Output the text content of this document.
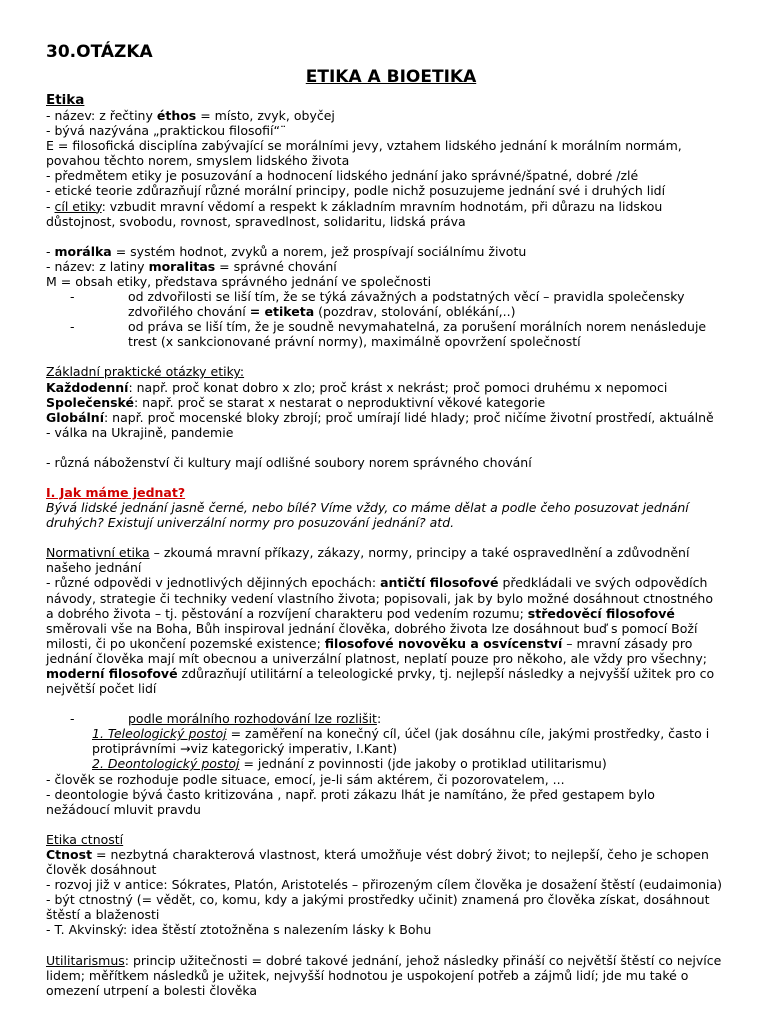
30.OTÁZKA

ETIKA A BIOETIKA

Etika

- název: z řečtiny éthos = místo, zvyk, obyčej

- bývá nazývána „praktickou filosofií“¨

E = filosofická disciplína zabývající se morálními jevy, vztahem lidského jednání k morálním normám, povahou těchto norem, smyslem lidského života

- předmětem etiky je posuzování a hodnocení lidského jednání jako správné/špatné, dobré /zlé

- etické teorie zdůrazňují různé morální principy, podle nichž posuzujeme jednání své i druhých lidí

- cíl etiky: vzbudit mravní vědomí a respekt k základním mravním hodnotám, při důrazu na lidskou důstojnost, svobodu, rovnost, spravedlnost, solidaritu, lidská práva

- morálka = systém hodnot, zvyků a norem, jež prospívají sociálnímu životu

- název: z latiny moralitas = správné chování

M = obsah etiky, představa správného jednání ve společnosti

-	od zdvořilosti se liší tím, že se týká závažných a podstatných věcí – pravidla společensky zdvořilého chování = etiketa (pozdrav, stolování, oblékání,..)
-	od práva se liší tím, že je soudně nevymahatelná, za porušení morálních norem nenásleduje trest (x sankcionované právní normy), maximálně opovržení společností

Základní praktické otázky etiky:

Každodenní: např. proč konat dobro x zlo; proč krást x nekrást; proč pomoci druhému x nepomoci

Společenské: např. proč se starat x nestarat o neproduktivní věkové kategorie

Globální: např. proč mocenské bloky zbrojí; proč umírají lidé hlady; proč ničíme životní prostředí, aktuálně - válka na Ukrajině, pandemie

- různá náboženství či kultury mají odlišné soubory norem správného chování

I. Jak máme jednat?

Bývá lidské jednání jasně černé, nebo bílé? Víme vždy, co máme dělat a podle čeho posuzovat jednání druhých? Existují univerzální normy pro posuzování jednání? atd.

Normativní etika – zkoumá mravní příkazy, zákazy, normy, principy a také ospravedlnění a zdůvodnění našeho jednání

- různé odpovědi v jednotlivých dějinných epochách: antičtí filosofové předkládali ve svých odpovědích návody, strategie či techniky vedení vlastního života; popisovali, jak by bylo možné dosáhnout ctnostného a dobrého života – tj. pěstování a rozvíjení charakteru pod vedením rozumu; středověcí filosofové směrovali vše na Boha, Bůh inspiroval jednání člověka, dobrého života lze dosáhnout buď s pomocí Boží milosti, či po ukončení pozemské existence; filosofové novověku a osvícenství – mravní zásady pro jednání člověka mají mít obecnou a univerzální platnost, neplatí pouze pro někoho, ale vždy pro všechny; moderní filosofové zdůrazňují utilitární a teleologické prvky, tj. nejlepší následky a nejvyšší užitek pro co největší počet lidí

-	podle morálního rozhodování lze rozlišit:

1. Teleologický postoj = zaměření na konečný cíl, účel (jak dosáhnu cíle, jakými prostředky, často i protiprávními →viz kategorický imperativ, I.Kant)

2. Deontologický postoj = jednání z povinnosti (jde jakoby o protiklad utilitarismu)

- člověk se rozhoduje podle situace, emocí, je-li sám aktérem, či pozorovatelem, ...

- deontologie bývá často kritizována , např. proti zákazu lhát je namítáno, že před gestapem bylo nežádoucí mluvit pravdu

Etika ctností

Ctnost = nezbytná charakterová vlastnost, která umožňuje vést dobrý život; to nejlepší, čeho je schopen člověk dosáhnout

- rozvoj již v antice: Sókrates, Platón, Aristotelés – přirozeným cílem člověka je dosažení štěstí (eudaimonia)

- být ctnostný (= vědět, co, komu, kdy a jakými prostředky učinit) znamená pro člověka získat, dosáhnout štěstí a blaženosti

- T. Akvinský: idea štěstí ztotožněna s nalezením lásky k Bohu

Utilitarismus: princip užitečnosti = dobré takové jednání, jehož následky přináší co největší štěstí co nejvíce lidem; měřítkem následků je užitek, nejvyšší hodnotou je uspokojení potřeb a zájmů lidí; jde mu také o omezení utrpení a bolesti člověka
